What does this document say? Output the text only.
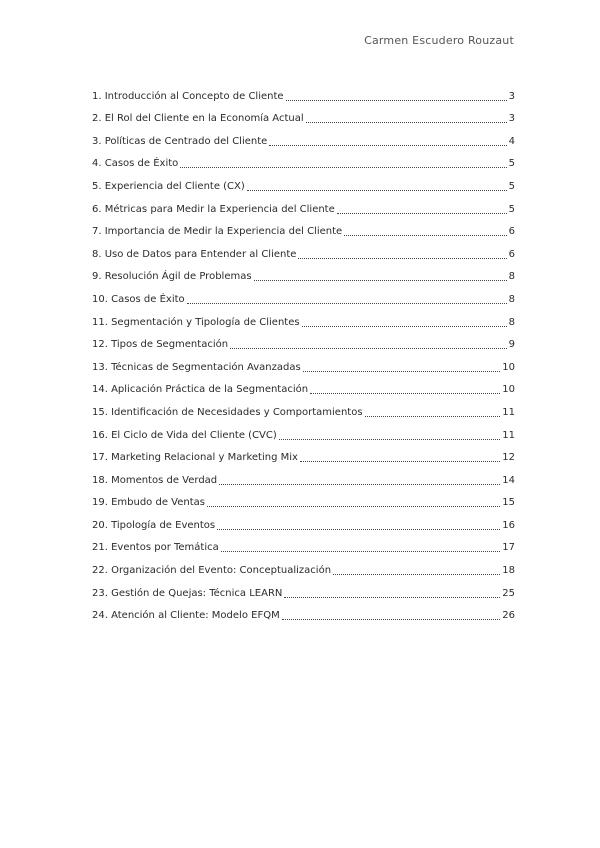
Carmen Escudero Rouzaut
1. Introducción al Concepto de Cliente	3
2. El Rol del Cliente en la Economía Actual	3
3. Políticas de Centrado del Cliente	4
4. Casos de Éxito	5
5. Experiencia del Cliente (CX)	5
6. Métricas para Medir la Experiencia del Cliente	5
7. Importancia de Medir la Experiencia del Cliente	6
8. Uso de Datos para Entender al Cliente	6
9. Resolución Ágil de Problemas	8
10. Casos de Éxito	8
11. Segmentación y Tipología de Clientes	8
12. Tipos de Segmentación	9
13. Técnicas de Segmentación Avanzadas	10
14. Aplicación Práctica de la Segmentación	10
15. Identificación de Necesidades y Comportamientos	11
16. El Ciclo de Vida del Cliente (CVC)	11
17. Marketing Relacional y Marketing Mix	12
18. Momentos de Verdad	14
19. Embudo de Ventas	15
20. Tipología de Eventos	16
21. Eventos por Temática	17
22. Organización del Evento: Conceptualización	18
23. Gestión de Quejas: Técnica LEARN	25
24. Atención al Cliente: Modelo EFQM	26
